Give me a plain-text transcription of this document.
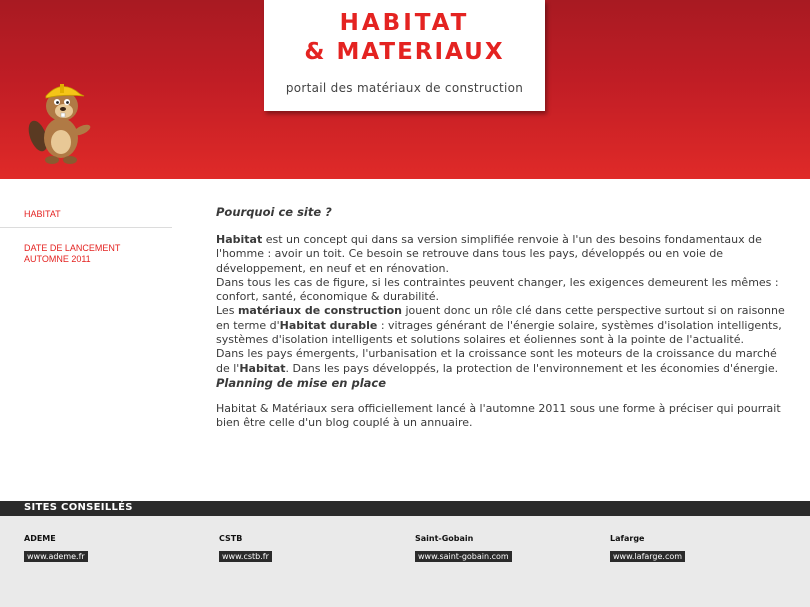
HABITAT
& MATERIAUX
portail des matériaux de construction
HABITAT
DATE DE LANCEMENT AUTOMNE 2011
Pourquoi ce site ?

Habitat est un concept qui dans sa version simplifiée renvoie à l'un des besoins fondamentaux de l'homme : avoir un toit. Ce besoin se retrouve dans tous les pays, développés ou en voie de développement, en neuf et en rénovation.
Dans tous les cas de figure, si les contraintes peuvent changer, les exigences demeurent les mêmes : confort, santé, économique & durabilité.

Les matériaux de construction jouent donc un rôle clé dans cette perspective surtout si on raisonne en terme d'Habitat durable : vitrages générant de l'énergie solaire, systèmes d'isolation intelligents, systèmes d'isolation intelligents et solutions solaires et éoliennes sont à la pointe de l'actualité.

Dans les pays émergents, l'urbanisation et la croissance sont les moteurs de la croissance du marché de l'Habitat. Dans les pays développés, la protection de l'environnement et les économies d'énergie.

Planning de mise en place

Habitat & Matériaux sera officiellement lancé à l'automne 2011 sous une forme à préciser qui pourrait bien être celle d'un blog couplé à un annuaire.

SITES CONSEILLÉS
ADEME
www.ademe.fr
CSTB
www.cstb.fr
Saint-Gobain
www.saint-gobain.com
Lafarge
www.lafarge.com
